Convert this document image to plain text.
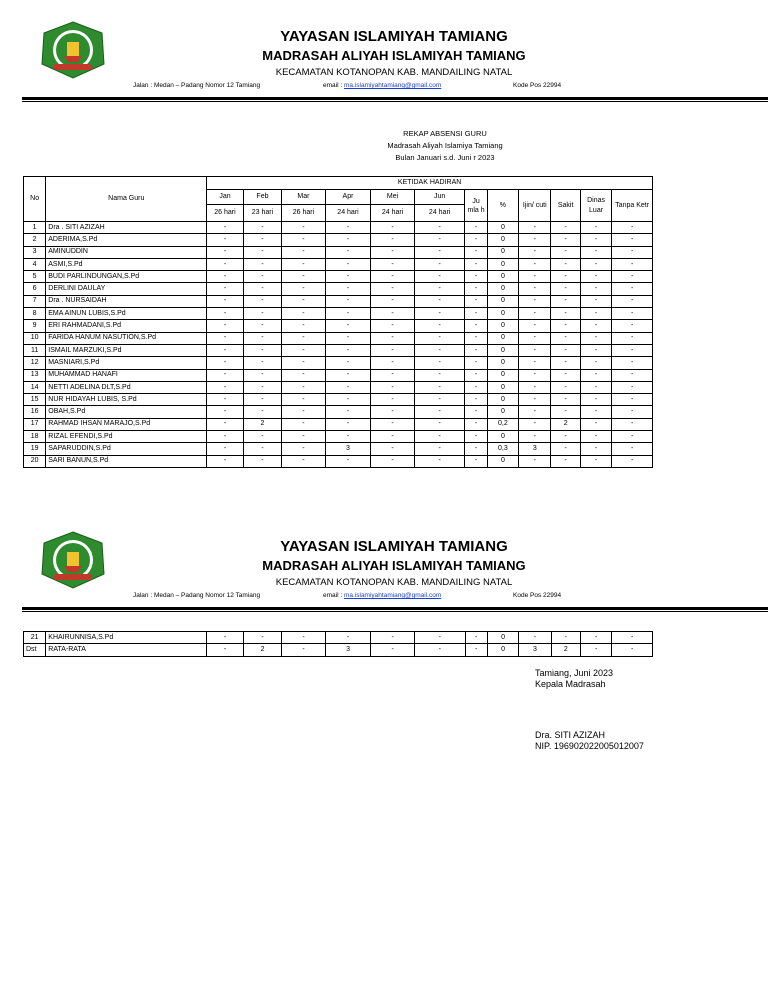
YAYASAN ISLAMIYAH TAMIANG
MADRASAH ALIYAH ISLAMIYAH TAMIANG
KECAMATAN KOTANOPAN KAB. MANDAILING NATAL
Jalan : Medan – Padang Nomor 12 Tamiang	email : ma.islamiyahtamiang@gmail.com	Kode Pos 22994
REKAP ABSENSI GURU
Madrasah Aliyah Islamiya Tamiang
Bulan Januari s.d. Juni r 2023
No	Nama Guru	KETIDAK HADIRAN											
		Jan	Feb	Mar	Apr	Mei	Jun	Ju mla h	%	Ijin/ cuti	Sakit	Dinas Luar	Tanpa Ketr
		26 hari	23 hari	26 hari	24 hari	24 hari	24 hari						
1	Dra . SITI AZIZAH	-	-	-	-	-	-	-	0	-	-	-	-
2	ADERIMA,S.Pd	-	-	-	-	-	-	-	0	-	-	-	-
3	AMINUDDIN	-	-	-	-	-	-	-	0	-	-	-	-
4	ASMI,S.Pd	-	-	-	-	-	-	-	0	-	-	-	-
5	BUDI PARLINDUNGAN,S.Pd	-	-	-	-	-	-	-	0	-	-	-	-
6	DERLINI DAULAY	-	-	-	-	-	-	-	0	-	-	-	-
7	Dra . NURSAIDAH	-	-	-	-	-	-	-	0	-	-	-	-
8	EMA AINUN LUBIS,S.Pd	-	-	-	-	-	-	-	0	-	-	-	-
9	ERI RAHMADANI,S.Pd	-	-	-	-	-	-	-	0	-	-	-	-
10	FARIDA HANUM NASUTION,S.Pd	-	-	-	-	-	-	-	0	-	-	-	-
11	ISMAIL MARZUKI,S.Pd	-	-	-	-	-	-	-	0	-	-	-	-
12	MASNIARI,S.Pd	-	-	-	-	-	-	-	0	-	-	-	-
13	MUHAMMAD HANAFI	-	-	-	-	-	-	-	0	-	-	-	-
14	NETTI ADELINA DLT,S.Pd	-	-	-	-	-	-	-	0	-	-	-	-
15	NUR HIDAYAH LUBIS, S.Pd	-	-	-	-	-	-	-	0	-	-	-	-
16	OBAH,S.Pd	-	-	-	-	-	-	-	0	-	-	-	-
17	RAHMAD IHSAN MARAJO,S.Pd	-	2	-	-	-	-	-	0,2	-	2	-	-
18	RIZAL EFENDI,S.Pd	-	-	-	-	-	-	-	0	-	-	-	-
19	SAPARUDDIN,S.Pd	-	-	-	3	-	-	-	0,3	3	-	-	-
20	SARI BANUN,S.Pd	-	-	-	-	-	-	-	0	-	-	-	-
YAYASAN ISLAMIYAH TAMIANG
MADRASAH ALIYAH ISLAMIYAH TAMIANG
KECAMATAN KOTANOPAN KAB. MANDAILING NATAL
Jalan : Medan – Padang Nomor 12 Tamiang	email : ma.islamiyahtamiang@gmail.com	Kode Pos 22994
21	KHAIRUNNISA,S.Pd	-	-	-	-	-	-	-	0	-	-	-	-
Dst	RATA-RATA	-	2	-	3	-	-	-	0	3	2	-	-
Tamiang, Juni 2023
Kepala Madrasah
Dra. SITI AZIZAH
NIP. 196902022005012007
